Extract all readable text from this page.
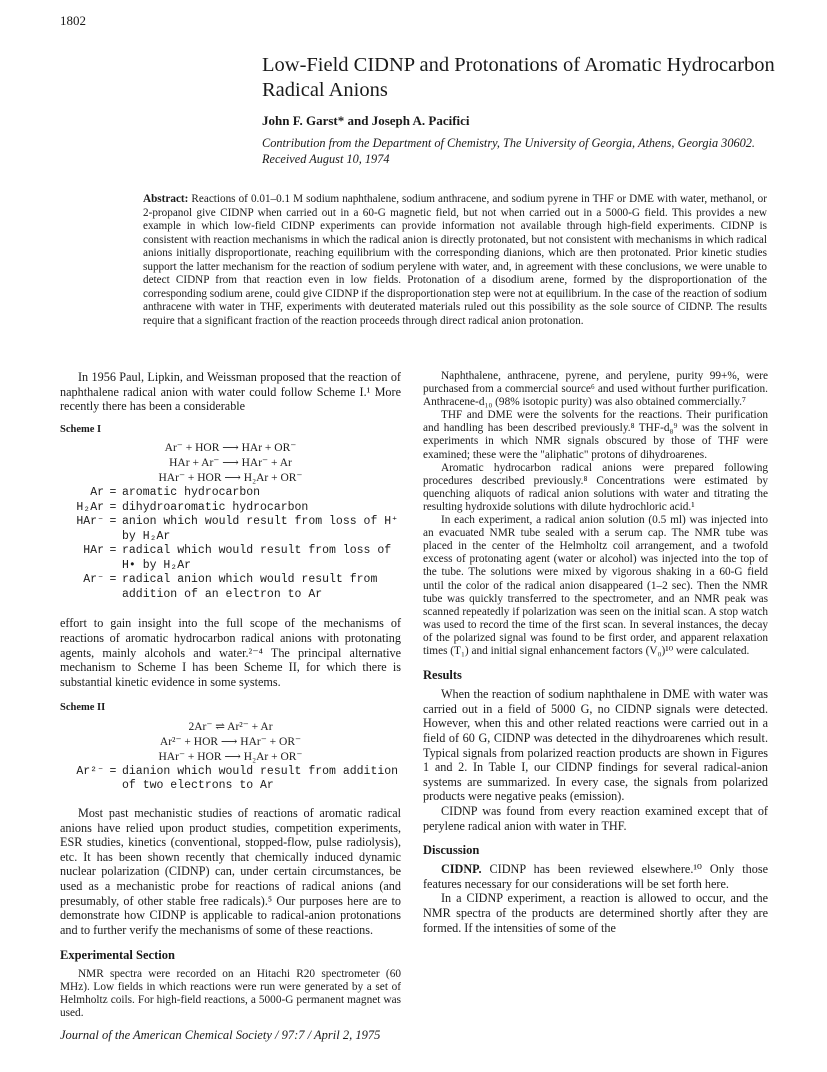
1802
Low-Field CIDNP and Protonations of Aromatic Hydrocarbon Radical Anions
John F. Garst* and Joseph A. Pacifici
Contribution from the Department of Chemistry, The University of Georgia, Athens, Georgia 30602. Received August 10, 1974
Abstract: Reactions of 0.01–0.1 M sodium naphthalene, sodium anthracene, and sodium pyrene in THF or DME with water, methanol, or 2-propanol give CIDNP when carried out in a 60-G magnetic field, but not when carried out in a 5000-G field. This provides a new example in which low-field CIDNP experiments can provide information not available through high-field experiments. CIDNP is consistent with reaction mechanisms in which the radical anion is directly protonated, but not consistent with mechanisms in which radical anions initially disproportionate, reaching equilibrium with the corresponding dianions, which are then protonated. Prior kinetic studies support the latter mechanism for the reaction of sodium perylene with water, and, in agreement with these conclusions, we were unable to detect CIDNP from that reaction even in low fields. Protonation of a disodium arene, formed by the disproportionation of the corresponding sodium arene, could give CIDNP if the disproportionation step were not at equilibrium. In the case of the reaction of sodium anthracene with water in THF, experiments with deuterated materials ruled out this possibility as the sole source of CIDNP. The results require that a significant fraction of the reaction proceeds through direct radical anion protonation.

In 1956 Paul, Lipkin, and Weissman proposed that the reaction of naphthalene radical anion with water could follow Scheme I.¹ More recently there has been a considerable

Scheme I
Ar⁻ + HOR ⟶ HAr + OR⁻
HAr + Ar⁻ ⟶ HAr⁻ + Ar
HAr⁻ + HOR ⟶ H₂Ar + OR⁻
Ar = aromatic hydrocarbon
H₂Ar = dihydroaromatic hydrocarbon
HAr⁻ = anion which would result from loss of H⁺ by H₂Ar
HAr = radical which would result from loss of H• by H₂Ar
Ar⁻ = radical anion which would result from addition of an electron to Ar

effort to gain insight into the full scope of the mechanisms of reactions of aromatic hydrocarbon radical anions with protonating agents, mainly alcohols and water.²⁻⁴ The principal alternative mechanism to Scheme I has been Scheme II, for which there is substantial kinetic evidence in some systems.

Scheme II
2Ar⁻ ⇌ Ar²⁻ + Ar
Ar²⁻ + HOR ⟶ HAr⁻ + OR⁻
HAr⁻ + HOR ⟶ H₂Ar + OR⁻
Ar²⁻ = dianion which would result from addition of two electrons to Ar

Most past mechanistic studies of reactions of aromatic radical anions have relied upon product studies, competition experiments, ESR studies, kinetics (conventional, stopped-flow, pulse radiolysis), etc. It has been shown recently that chemically induced dynamic nuclear polarization (CIDNP) can, under certain circumstances, be used as a mechanistic probe for reactions of radical anions (and presumably, of other stable free radicals).⁵ Our purposes here are to demonstrate how CIDNP is applicable to radical-anion protonations and to further verify the mechanisms of some of these reactions.

Experimental Section

NMR spectra were recorded on an Hitachi R20 spectrometer (60 MHz). Low fields in which reactions were run were generated by a set of Helmholtz coils. For high-field reactions, a 5000-G permanent magnet was used.

Naphthalene, anthracene, pyrene, and perylene, purity 99+%, were purchased from a commercial source⁶ and used without further purification. Anthracene-d₁₀ (98% isotopic purity) was also obtained commercially.⁷

THF and DME were the solvents for the reactions. Their purification and handling has been described previously.⁸ THF-d₈⁹ was the solvent in experiments in which NMR signals obscured by those of THF were examined; these were the "aliphatic" protons of dihydroarenes.

Aromatic hydrocarbon radical anions were prepared following procedures described previously.⁸ Concentrations were estimated by quenching aliquots of radical anion solutions with water and titrating the resulting hydroxide solutions with dilute hydrochloric acid.¹

In each experiment, a radical anion solution (0.5 ml) was injected into an evacuated NMR tube sealed with a serum cap. The NMR tube was placed in the center of the Helmholtz coil arrangement, and a twofold excess of protonating agent (water or alcohol) was injected into the top of the tube. The solutions were mixed by vigorous shaking in a 60-G field until the color of the radical anion disappeared (1–2 sec). Then the NMR tube was quickly transferred to the spectrometer, and an NMR peak was scanned repeatedly if polarization was seen on the initial scan. A stop watch was used to record the time of the first scan. In several instances, the decay of the polarized signal was found to be first order, and apparent relaxation times (T₁) and initial signal enhancement factors (V₀)¹⁰ were calculated.

Results

When the reaction of sodium naphthalene in DME with water was carried out in a field of 5000 G, no CIDNP signals were detected. However, when this and other related reactions were carried out in a field of 60 G, CIDNP was detected in the dihydroarenes which result. Typical signals from polarized reaction products are shown in Figures 1 and 2. In Table I, our CIDNP findings for several radical-anion systems are summarized. In every case, the signals from polarized products were negative peaks (emission).

CIDNP was found from every reaction examined except that of perylene radical anion with water in THF.

Discussion

CIDNP. CIDNP has been reviewed elsewhere.¹⁰ Only those features necessary for our considerations will be set forth here.

In a CIDNP experiment, a reaction is allowed to occur, and the NMR spectra of the products are determined shortly after they are formed. If the intensities of some of the

Journal of the American Chemical Society / 97:7 / April 2, 1975
